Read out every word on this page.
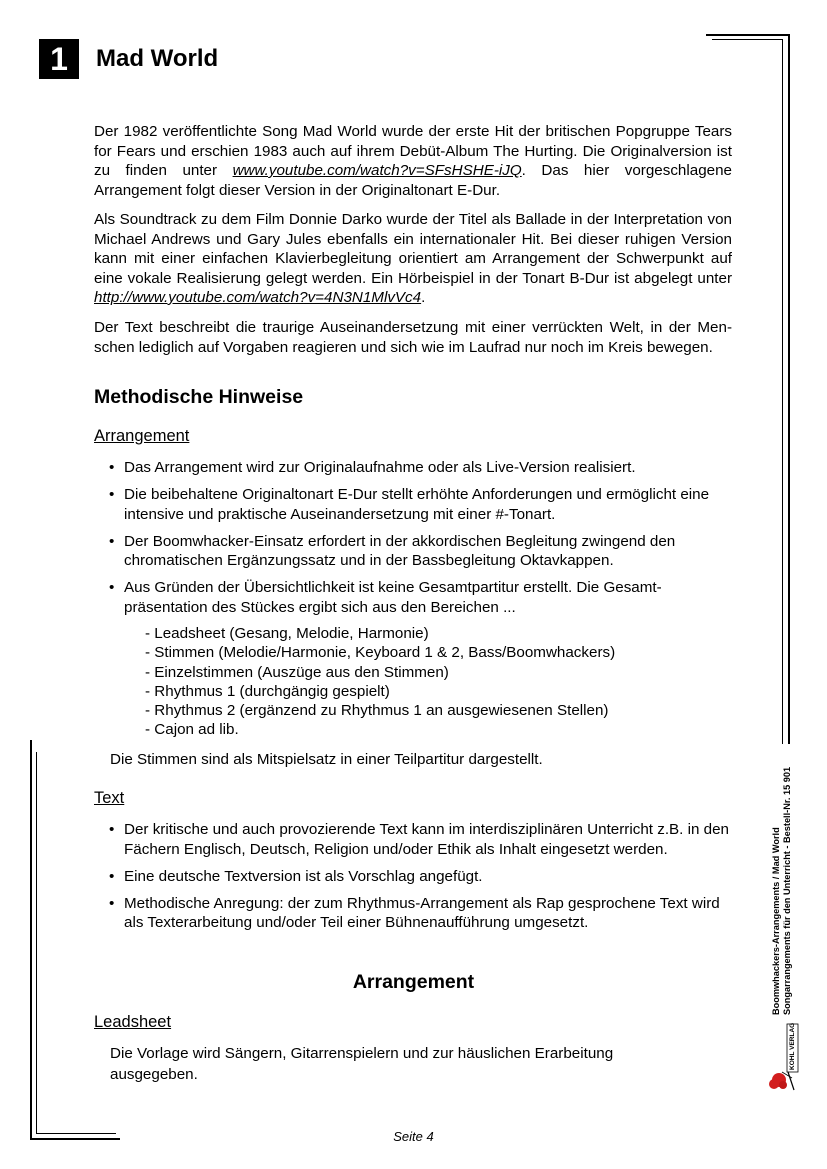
1	Mad World
Der 1982 veröffentlichte Song Mad World wurde der erste Hit der britischen Popgruppe Tears for Fears und erschien 1983 auch auf ihrem Debüt-Album The Hurting. Die Originalversion ist zu finden unter www.youtube.com/watch?v=SFsHSHE-iJQ. Das hier vorgeschlagene Arrangement folgt dieser Version in der Originaltonart E-Dur.
Als Soundtrack zu dem Film Donnie Darko wurde der Titel als Ballade in der Interpretation von Michael Andrews und Gary Jules ebenfalls ein internationaler Hit. Bei dieser ruhigen Version kann mit einer einfachen Klavierbegleitung orientiert am Arrangement der Schwerpunkt auf eine vokale Realisierung gelegt werden. Ein Hörbeispiel in der Tonart B-Dur ist abgelegt unter http://www.youtube.com/watch?v=4N3N1MlvVc4.
Der Text beschreibt die traurige Auseinandersetzung mit einer verrückten Welt, in der Menschen lediglich auf Vorgaben reagieren und sich wie im Laufrad nur noch im Kreis bewegen.
Methodische Hinweise
Arrangement
• Das Arrangement wird zur Originalaufnahme oder als Live-Version realisiert.
• Die beibehaltene Originaltonart E-Dur stellt erhöhte Anforderungen und ermöglicht eine intensive und praktische Auseinandersetzung mit einer #-Tonart.
• Der Boomwhacker-Einsatz erfordert in der akkordischen Begleitung zwingend den chromatischen Ergänzungssatz und in der Bassbegleitung Oktavkappen.
• Aus Gründen der Übersichtlichkeit ist keine Gesamtpartitur erstellt. Die Gesamtpräsentation des Stückes ergibt sich aus den Bereichen ...
- Leadsheet (Gesang, Melodie, Harmonie)
- Stimmen (Melodie/Harmonie, Keyboard 1 & 2, Bass/Boomwhackers)
- Einzelstimmen (Auszüge aus den Stimmen)
- Rhythmus 1 (durchgängig gespielt)
- Rhythmus 2 (ergänzend zu Rhythmus 1 an ausgewiesenen Stellen)
- Cajon ad lib.
Die Stimmen sind als Mitspielsatz in einer Teilpartitur dargestellt.
Text
• Der kritische und auch provozierende Text kann im interdisziplinären Unterricht z.B. in den Fächern Englisch, Deutsch, Religion und/oder Ethik als Inhalt eingesetzt werden.
• Eine deutsche Textversion ist als Vorschlag angefügt.
• Methodische Anregung: der zum Rhythmus-Arrangement als Rap gesprochene Text wird als Texterarbeitung und/oder Teil einer Bühnenaufführung umgesetzt.
Arrangement
Leadsheet
Die Vorlage wird Sängern, Gitarrenspielern und zur häuslichen Erarbeitung
ausgegeben.
Boomwhackers-Arrangements / Mad World Songarrangements für den Unterricht - Bestell-Nr. 15 901
KOHL VERLAG
Seite 4
